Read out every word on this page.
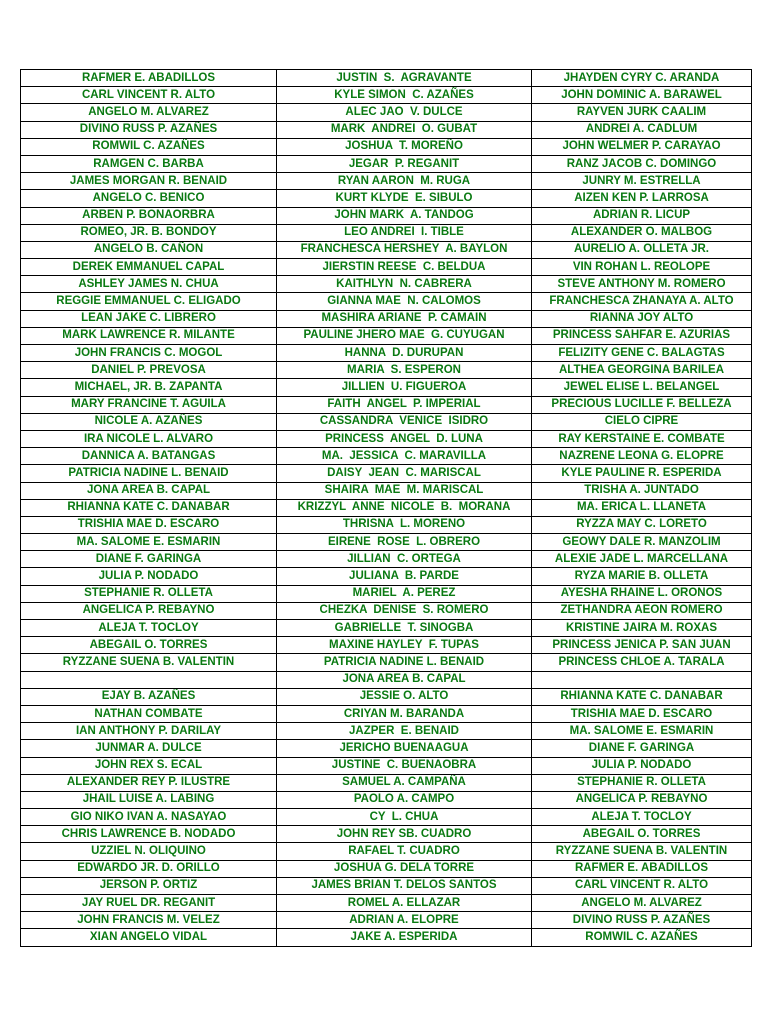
RAFMER E. ABADILLOS	JUSTIN  S.  AGRAVANTE	JHAYDEN CYRY C. ARANDA
CARL VINCENT R. ALTO	KYLE SIMON  C. AZAÑES	JOHN DOMINIC A. BARAWEL
ANGELO M. ALVAREZ	ALEC JAO  V. DULCE	RAYVEN JURK CAALIM
DIVINO RUSS P. AZAÑES	MARK  ANDREI  O. GUBAT	ANDREI A. CADLUM
ROMWIL C. AZAÑES	JOSHUA  T. MOREÑO	JOHN WELMER P. CARAYAO
RAMGEN C. BARBA	JEGAR  P. REGANIT	RANZ JACOB C. DOMINGO
JAMES MORGAN R. BENAID	RYAN AARON  M. RUGA	JUNRY M. ESTRELLA
ANGELO C. BENICO	KURT KLYDE  E. SIBULO	AIZEN KEN P. LARROSA
ARBEN P. BONAORBRA	JOHN MARK  A. TANDOG	ADRIAN R. LICUP
ROMEO, JR. B. BONDOY	LEO ANDREI  I. TIBLE	ALEXANDER O. MALBOG
ANGELO B. CAÑON	FRANCHESCA HERSHEY  A. BAYLON	AURELIO A. OLLETA JR.
DEREK EMMANUEL CAPAL	JIERSTIN REESE  C. BELDUA	VIN ROHAN L. REOLOPE
ASHLEY JAMES N. CHUA	KAITHLYN  N. CABRERA	STEVE ANTHONY M. ROMERO
REGGIE EMMANUEL C. ELIGADO	GIANNA MAE  N. CALOMOS	FRANCHESCA ZHANAYA A. ALTO
LEAN JAKE C. LIBRERO	MASHIRA ARIANE  P. CAMAIN	RIANNA JOY ALTO
MARK LAWRENCE R. MILANTE	PAULINE JHERO MAE  G. CUYUGAN	PRINCESS SAHFAR E. AZURIAS
JOHN FRANCIS C. MOGOL	HANNA  D. DURUPAN	FELIZITY GENE C. BALAGTAS
DANIEL P. PREVOSA	MARIA  S. ESPERON	ALTHEA GEORGINA BARILEA
MICHAEL, JR. B. ZAPANTA	JILLIEN  U. FIGUEROA	JEWEL ELISE L. BELANGEL
MARY FRANCINE T. AGUILA	FAITH  ANGEL  P. IMPERIAL	PRECIOUS LUCILLE F. BELLEZA
NICOLE A. AZAÑES	CASSANDRA  VENICE  ISIDRO	CIELO CIPRE
IRA NICOLE L. ALVARO	PRINCESS  ANGEL  D. LUNA	RAY KERSTAINE E. COMBATE
DANNICA A. BATANGAS	MA.  JESSICA  C. MARAVILLA	NAZRENE LEONA G. ELOPRE
PATRICIA NADINE L. BENAID	DAISY  JEAN  C. MARISCAL	KYLE PAULINE R. ESPERIDA
JONA AREA B. CAPAL	SHAIRA  MAE  M. MARISCAL	TRISHA A. JUNTADO
RHIANNA KATE C. DANABAR	KRIZZYL  ANNE  NICOLE  B.  MORANA	MA. ERICA L. LLANETA
TRISHIA MAE D. ESCARO	THRISNA  L. MORENO	RYZZA MAY C. LORETO
MA. SALOME E. ESMARIN	EIRENE  ROSE  L. OBRERO	GEOWY DALE R. MANZOLIM
DIANE F. GARINGA	JILLIAN  C. ORTEGA	ALEXIE JADE L. MARCELLANA
JULIA P. NODADO	JULIANA  B. PARDE	RYZA MARIE B. OLLETA
STEPHANIE R. OLLETA	MARIEL  A. PEREZ	AYESHA RHAINE L. ORONOS
ANGELICA P. REBAYNO	CHEZKA  DENISE  S. ROMERO	ZETHANDRA AEON ROMERO
ALEJA T. TOCLOY	GABRIELLE  T. SINOGBA	KRISTINE JAIRA M. ROXAS
ABEGAIL O. TORRES	MAXINE HAYLEY  F. TUPAS	PRINCESS JENICA P. SAN JUAN
RYZZANE SUENA B. VALENTIN	PATRICIA NADINE L. BENAID	PRINCESS CHLOE A. TARALA
	JONA AREA B. CAPAL	
EJAY B. AZAÑES	JESSIE O. ALTO	RHIANNA KATE C. DANABAR
NATHAN COMBATE	CRIYAN M. BARANDA	TRISHIA MAE D. ESCARO
IAN ANTHONY P. DARILAY	JAZPER  E. BENAID	MA. SALOME E. ESMARIN
JUNMAR A. DULCE	JERICHO BUENAAGUA	DIANE F. GARINGA
JOHN REX S. ECAL	JUSTINE  C. BUENAOBRA	JULIA P. NODADO
ALEXANDER REY P. ILUSTRE	SAMUEL A. CAMPAÑA	STEPHANIE R. OLLETA
JHAIL LUISE A. LABING	PAOLO A. CAMPO	ANGELICA P. REBAYNO
GIO NIKO IVAN A. NASAYAO	CY  L. CHUA	ALEJA T. TOCLOY
CHRIS LAWRENCE B. NODADO	JOHN REY SB. CUADRO	ABEGAIL O. TORRES
UZZIEL N. OLIQUINO	RAFAEL T. CUADRO	RYZZANE SUENA B. VALENTIN
EDWARDO JR. D. ORILLO	JOSHUA G. DELA TORRE	RAFMER E. ABADILLOS
JERSON P. ORTIZ	JAMES BRIAN T. DELOS SANTOS	CARL VINCENT R. ALTO
JAY RUEL DR. REGANIT	ROMEL A. ELLAZAR	ANGELO M. ALVAREZ
JOHN FRANCIS M. VELEZ	ADRIAN A. ELOPRE	DIVINO RUSS P. AZAÑES
XIAN ANGELO VIDAL	JAKE A. ESPERIDA	ROMWIL C. AZAÑES
